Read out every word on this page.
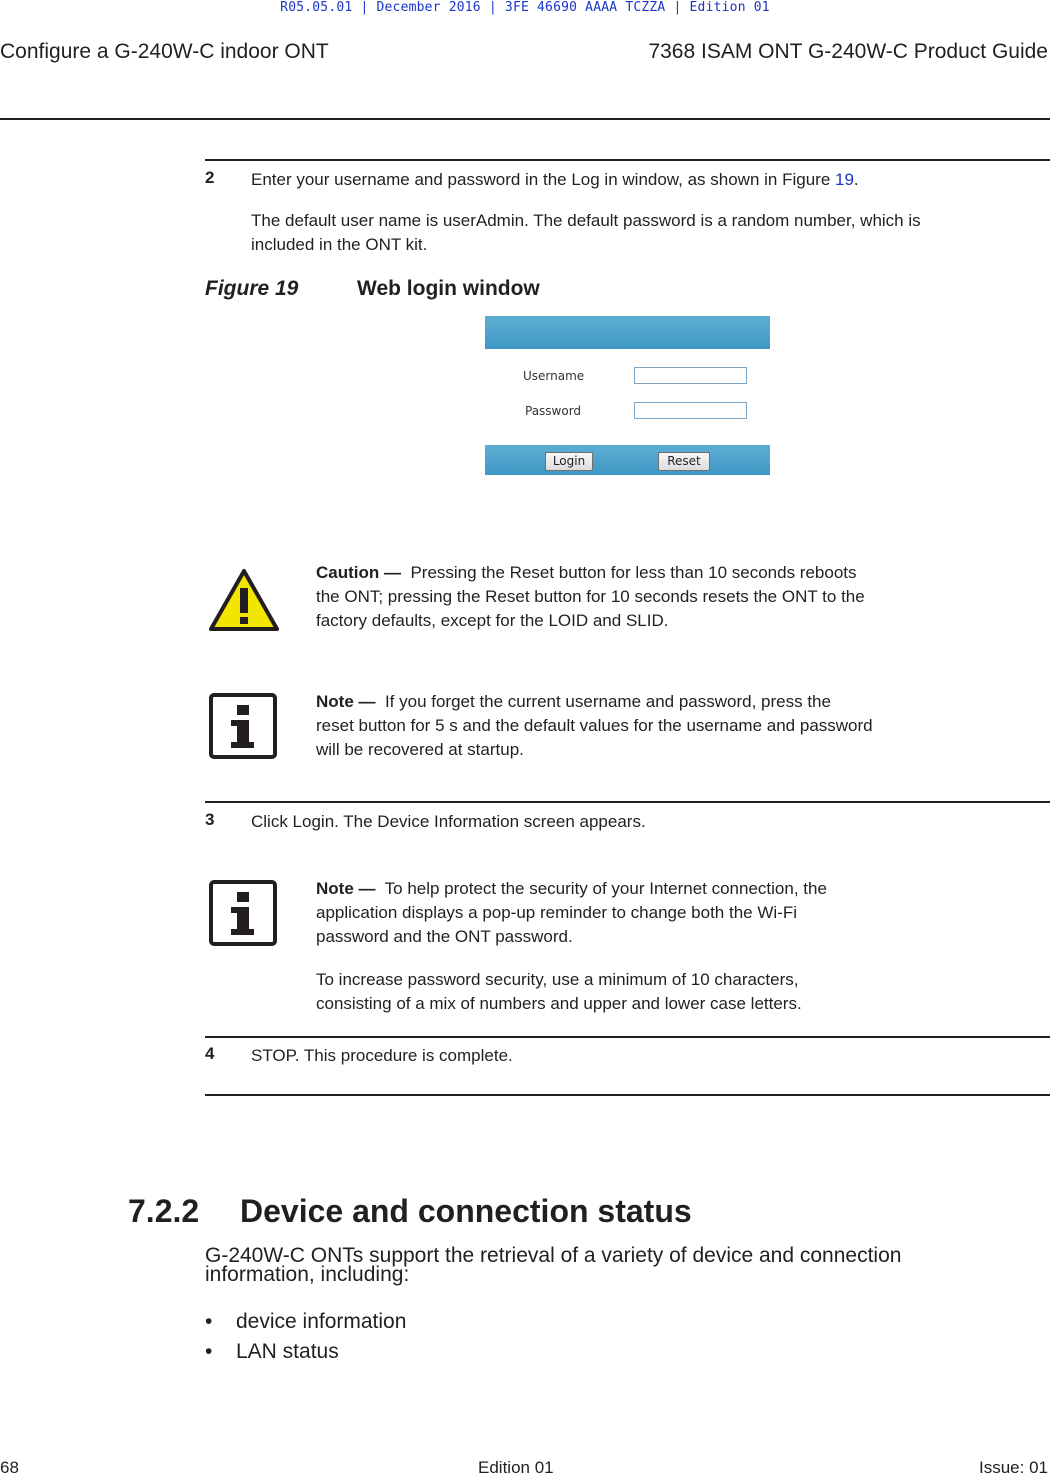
R05.05.01 | December 2016 | 3FE 46690 AAAA TCZZA | Edition 01
Configure a G-240W-C indoor ONT	7368 ISAM ONT G-240W-C Product Guide
2 Enter your username and password in the Log in window, as shown in Figure 19.
The default user name is userAdmin. The default password is a random number, which is
included in the ONT kit.
Figure 19	Web login window
Username
Password
Login	Reset
Caution — Pressing the Reset button for less than 10 seconds reboots
the ONT; pressing the Reset button for 10 seconds resets the ONT to the
factory defaults, except for the LOID and SLID.
Note — If you forget the current username and password, press the
reset button for 5 s and the default values for the username and password
will be recovered at startup.
3 Click Login. The Device Information screen appears.
Note — To help protect the security of your Internet connection, the
application displays a pop-up reminder to change both the Wi-Fi
password and the ONT password.
To increase password security, use a minimum of 10 characters,
consisting of a mix of numbers and upper and lower case letters.
4 STOP. This procedure is complete.
7.2.2 Device and connection status
G-240W-C ONTs support the retrieval of a variety of device and connection
information, including:
• device information
• LAN status
68	Edition 01	Issue: 01
